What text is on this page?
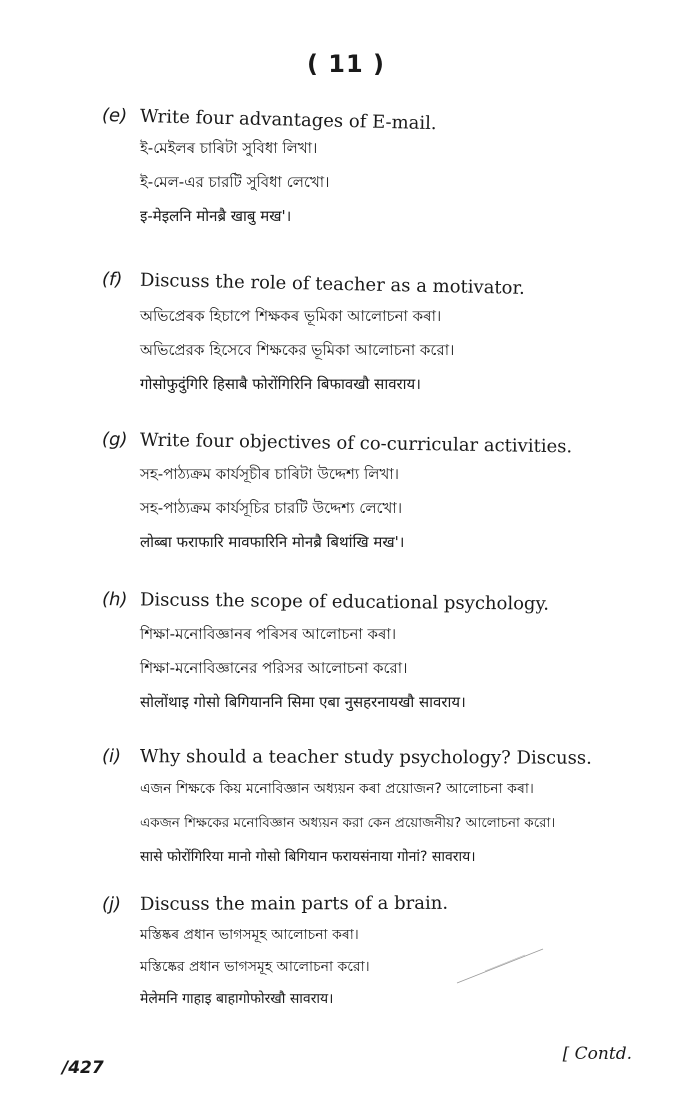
( 11 )
(e) Write four advantages of E-mail.
ই-মেইলৰ চাৰিটা সুবিধা লিখা।
ই-মেল-এর চারটি সুবিধা লেখো।
इ-मेइलनि मोनब्रै खाबु मख'।
(f) Discuss the role of teacher as a motivator.
অভিপ্ৰেৰক হিচাপে শিক্ষকৰ ভূমিকা আলোচনা কৰা।
অভিপ্রেরক হিসেবে শিক্ষকের ভূমিকা আলোচনা করো।
गोसोफुदुंगिरि हिसाबै फोरोंगिरिनि बिफावखौ सावराय।
(g) Write four objectives of co-curricular activities.
সহ-পাঠ্যক্ৰম কাৰ্যসূচীৰ চাৰিটা উদ্দেশ্য লিখা।
সহ-পাঠ্যক্রম কার্যসূচির চারটি উদ্দেশ্য লেখো।
लोब्बा फराफारि मावफारिनि मोनब्रै बिथांखि मख'।
(h) Discuss the scope of educational psychology.
শিক্ষা-মনোবিজ্ঞানৰ পৰিসৰ আলোচনা কৰা।
শিক্ষা-মনোবিজ্ঞানের পরিসর আলোচনা করো।
सोलोंथाइ गोसो बिगियाननि सिमा एबा नुसहरनायखौ सावराय।
(i) Why should a teacher study psychology? Discuss.
এজন শিক্ষকে কিয় মনোবিজ্ঞান অধ্যয়ন কৰা প্ৰয়োজন? আলোচনা কৰা।
একজন শিক্ষকের মনোবিজ্ঞান অধ্যয়ন করা কেন প্রয়োজনীয়? আলোচনা করো।
सासे फोरोंगिरिया मानो गोसो बिगियान फरायसंनाया गोनां? सावराय।
(j) Discuss the main parts of a brain.
মস্তিষ্কৰ প্ৰধান ভাগসমূহ আলোচনা কৰা।
মস্তিষ্কের প্রধান ভাগসমূহ আলোচনা করো।
मेलेमनि गाहाइ बाहागोफोरखौ सावराय।
/427
[ Contd.
